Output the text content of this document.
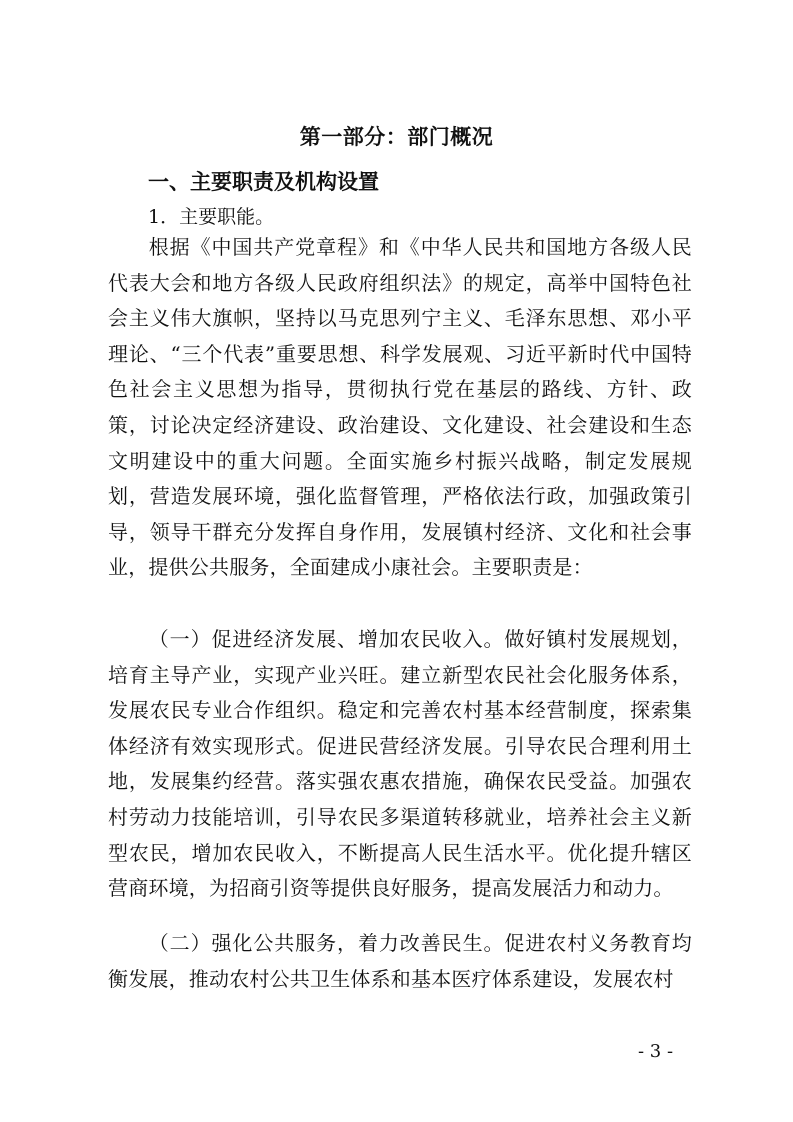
第一部分：部门概况
一、主要职责及机构设置
1．主要职能。
根据《中国共产党章程》和《中华人民共和国地方各级人民代表大会和地方各级人民政府组织法》的规定，高举中国特色社会主义伟大旗帜，坚持以马克思列宁主义、毛泽东思想、邓小平理论、“三个代表”重要思想、科学发展观、习近平新时代中国特色社会主义思想为指导，贯彻执行党在基层的路线、方针、政策，讨论决定经济建设、政治建设、文化建设、社会建设和生态文明建设中的重大问题。全面实施乡村振兴战略，制定发展规划，营造发展环境，强化监督管理，严格依法行政，加强政策引导，领导干群充分发挥自身作用，发展镇村经济、文化和社会事业，提供公共服务，全面建成小康社会。主要职责是：
（一）促进经济发展、增加农民收入。做好镇村发展规划，培育主导产业，实现产业兴旺。建立新型农民社会化服务体系，发展农民专业合作组织。稳定和完善农村基本经营制度，探索集体经济有效实现形式。促进民营经济发展。引导农民合理利用土地，发展集约经营。落实强农惠农措施，确保农民受益。加强农村劳动力技能培训，引导农民多渠道转移就业，培养社会主义新型农民，增加农民收入，不断提高人民生活水平。优化提升辖区营商环境，为招商引资等提供良好服务，提高发展活力和动力。
（二）强化公共服务，着力改善民生。促进农村义务教育均衡发展，推动农村公共卫生体系和基本医疗体系建设，发展农村
- 3 -
